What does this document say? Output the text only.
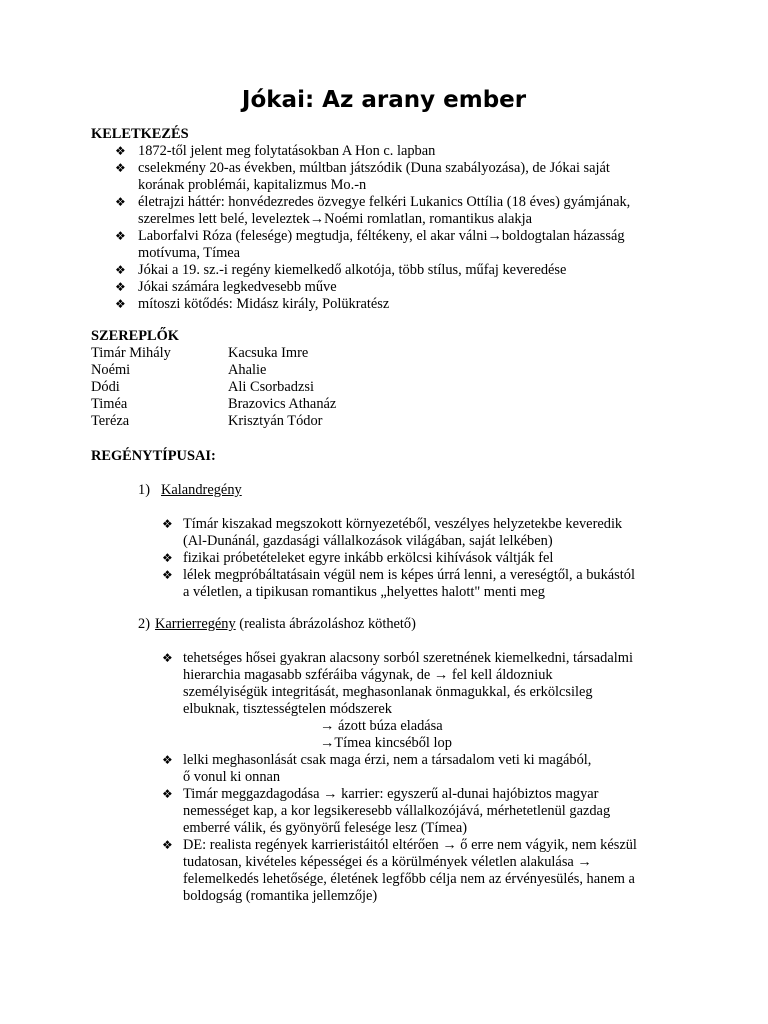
Jókai: Az arany ember
KELETKEZÉS
❖ 1872-től jelent meg folytatásokban A Hon c. lapban
❖ cselekmény 20-as években, múltban játszódik (Duna szabályozása), de Jókai saját
korának problémái, kapitalizmus Mo.-n
❖ életrajzi háttér: honvédezredes özvegye felkéri Lukanics Ottília (18 éves) gyámjának,
szerelmes lett belé, leveleztek→Noémi romlatlan, romantikus alakja
❖ Laborfalvi Róza (felesége) megtudja, féltékeny, el akar válni→boldogtalan házasság
motívuma, Tímea
❖ Jókai a 19. sz.-i regény kiemelkedő alkotója, több stílus, műfaj keveredése
❖ Jókai számára legkedvesebb műve
❖ mítoszi kötődés: Midász király, Polükratész
SZEREPLŐK
Timár Mihály	Kacsuka Imre
Noémi	Ahalie
Dódi	Ali Csorbadzsi
Timéa	Brazovics Athanáz
Teréza	Krisztyán Tódor
REGÉNYTÍPUSAI:
1) Kalandregény
❖ Tímár kiszakad megszokott környezetéből, veszélyes helyzetekbe keveredik
(Al-Dunánál, gazdasági vállalkozások világában, saját lelkében)
❖ fizikai próbetételeket egyre inkább erkölcsi kihívások váltják fel
❖ lélek megpróbáltatásain végül nem is képes úrrá lenni, a vereségtől, a bukástól
a véletlen, a tipikusan romantikus „helyettes halott" menti meg
2) Karrierregény (realista ábrázoláshoz köthető)
❖ tehetséges hősei gyakran alacsony sorból szeretnének kiemelkedni, társadalmi
hierarchia magasabb szféráiba vágynak, de → fel kell áldozniuk
személyiségük integritását, meghasonlanak önmagukkal, és erkölcsileg
elbuknak, tisztességtelen módszerek
→ ázott búza eladása
→Tímea kincséből lop
❖ lelki meghasonlását csak maga érzi, nem a társadalom veti ki magából,
ő vonul ki onnan
❖ Timár meggazdagodása → karrier: egyszerű al-dunai hajóbiztos magyar
nemességet kap, a kor legsikeresebb vállalkozójává, mérhetetlenül gazdag
emberré válik, és gyönyörű felesége lesz (Tímea)
❖ DE: realista regények karrieristáitól eltérően → ő erre nem vágyik, nem készül
tudatosan, kivételes képességei és a körülmények véletlen alakulása →
felemelkedés lehetősége, életének legfőbb célja nem az érvényesülés, hanem a
boldogság (romantika jellemzője)
